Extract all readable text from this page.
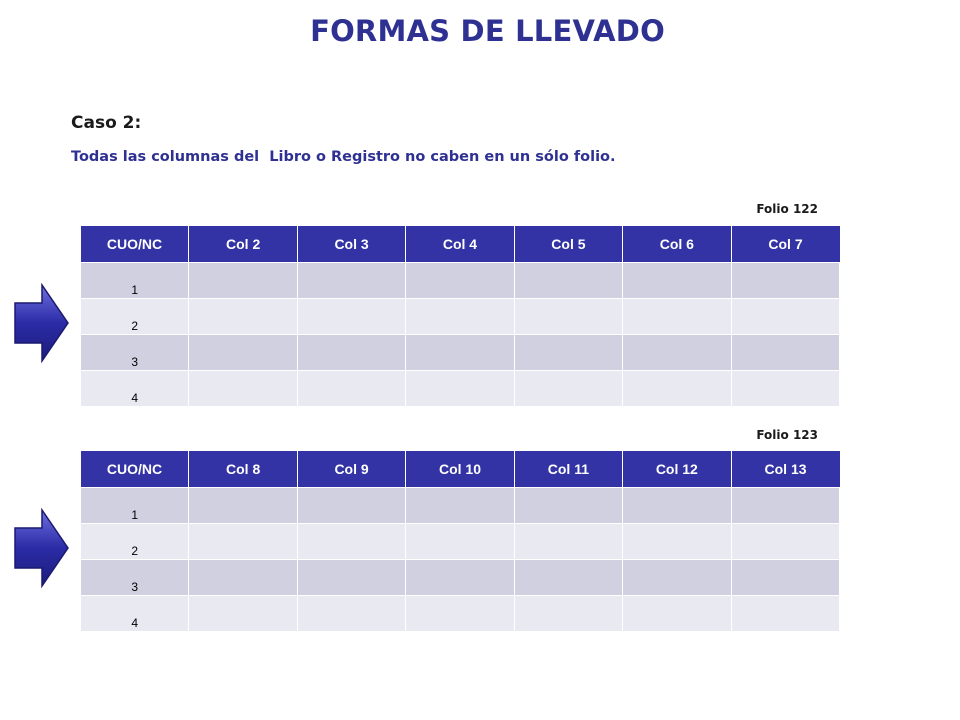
FORMAS DE LLEVADO
Caso 2:
Todas las columnas del  Libro o Registro no caben en un sólo folio.
Folio 122
CUO/NC	Col 2	Col 3	Col 4	Col 5	Col 6	Col 7
1						
2						
3						
4						
Folio 123
CUO/NC	Col 8	Col 9	Col 10	Col 11	Col 12	Col 13
1						
2						
3						
4						
